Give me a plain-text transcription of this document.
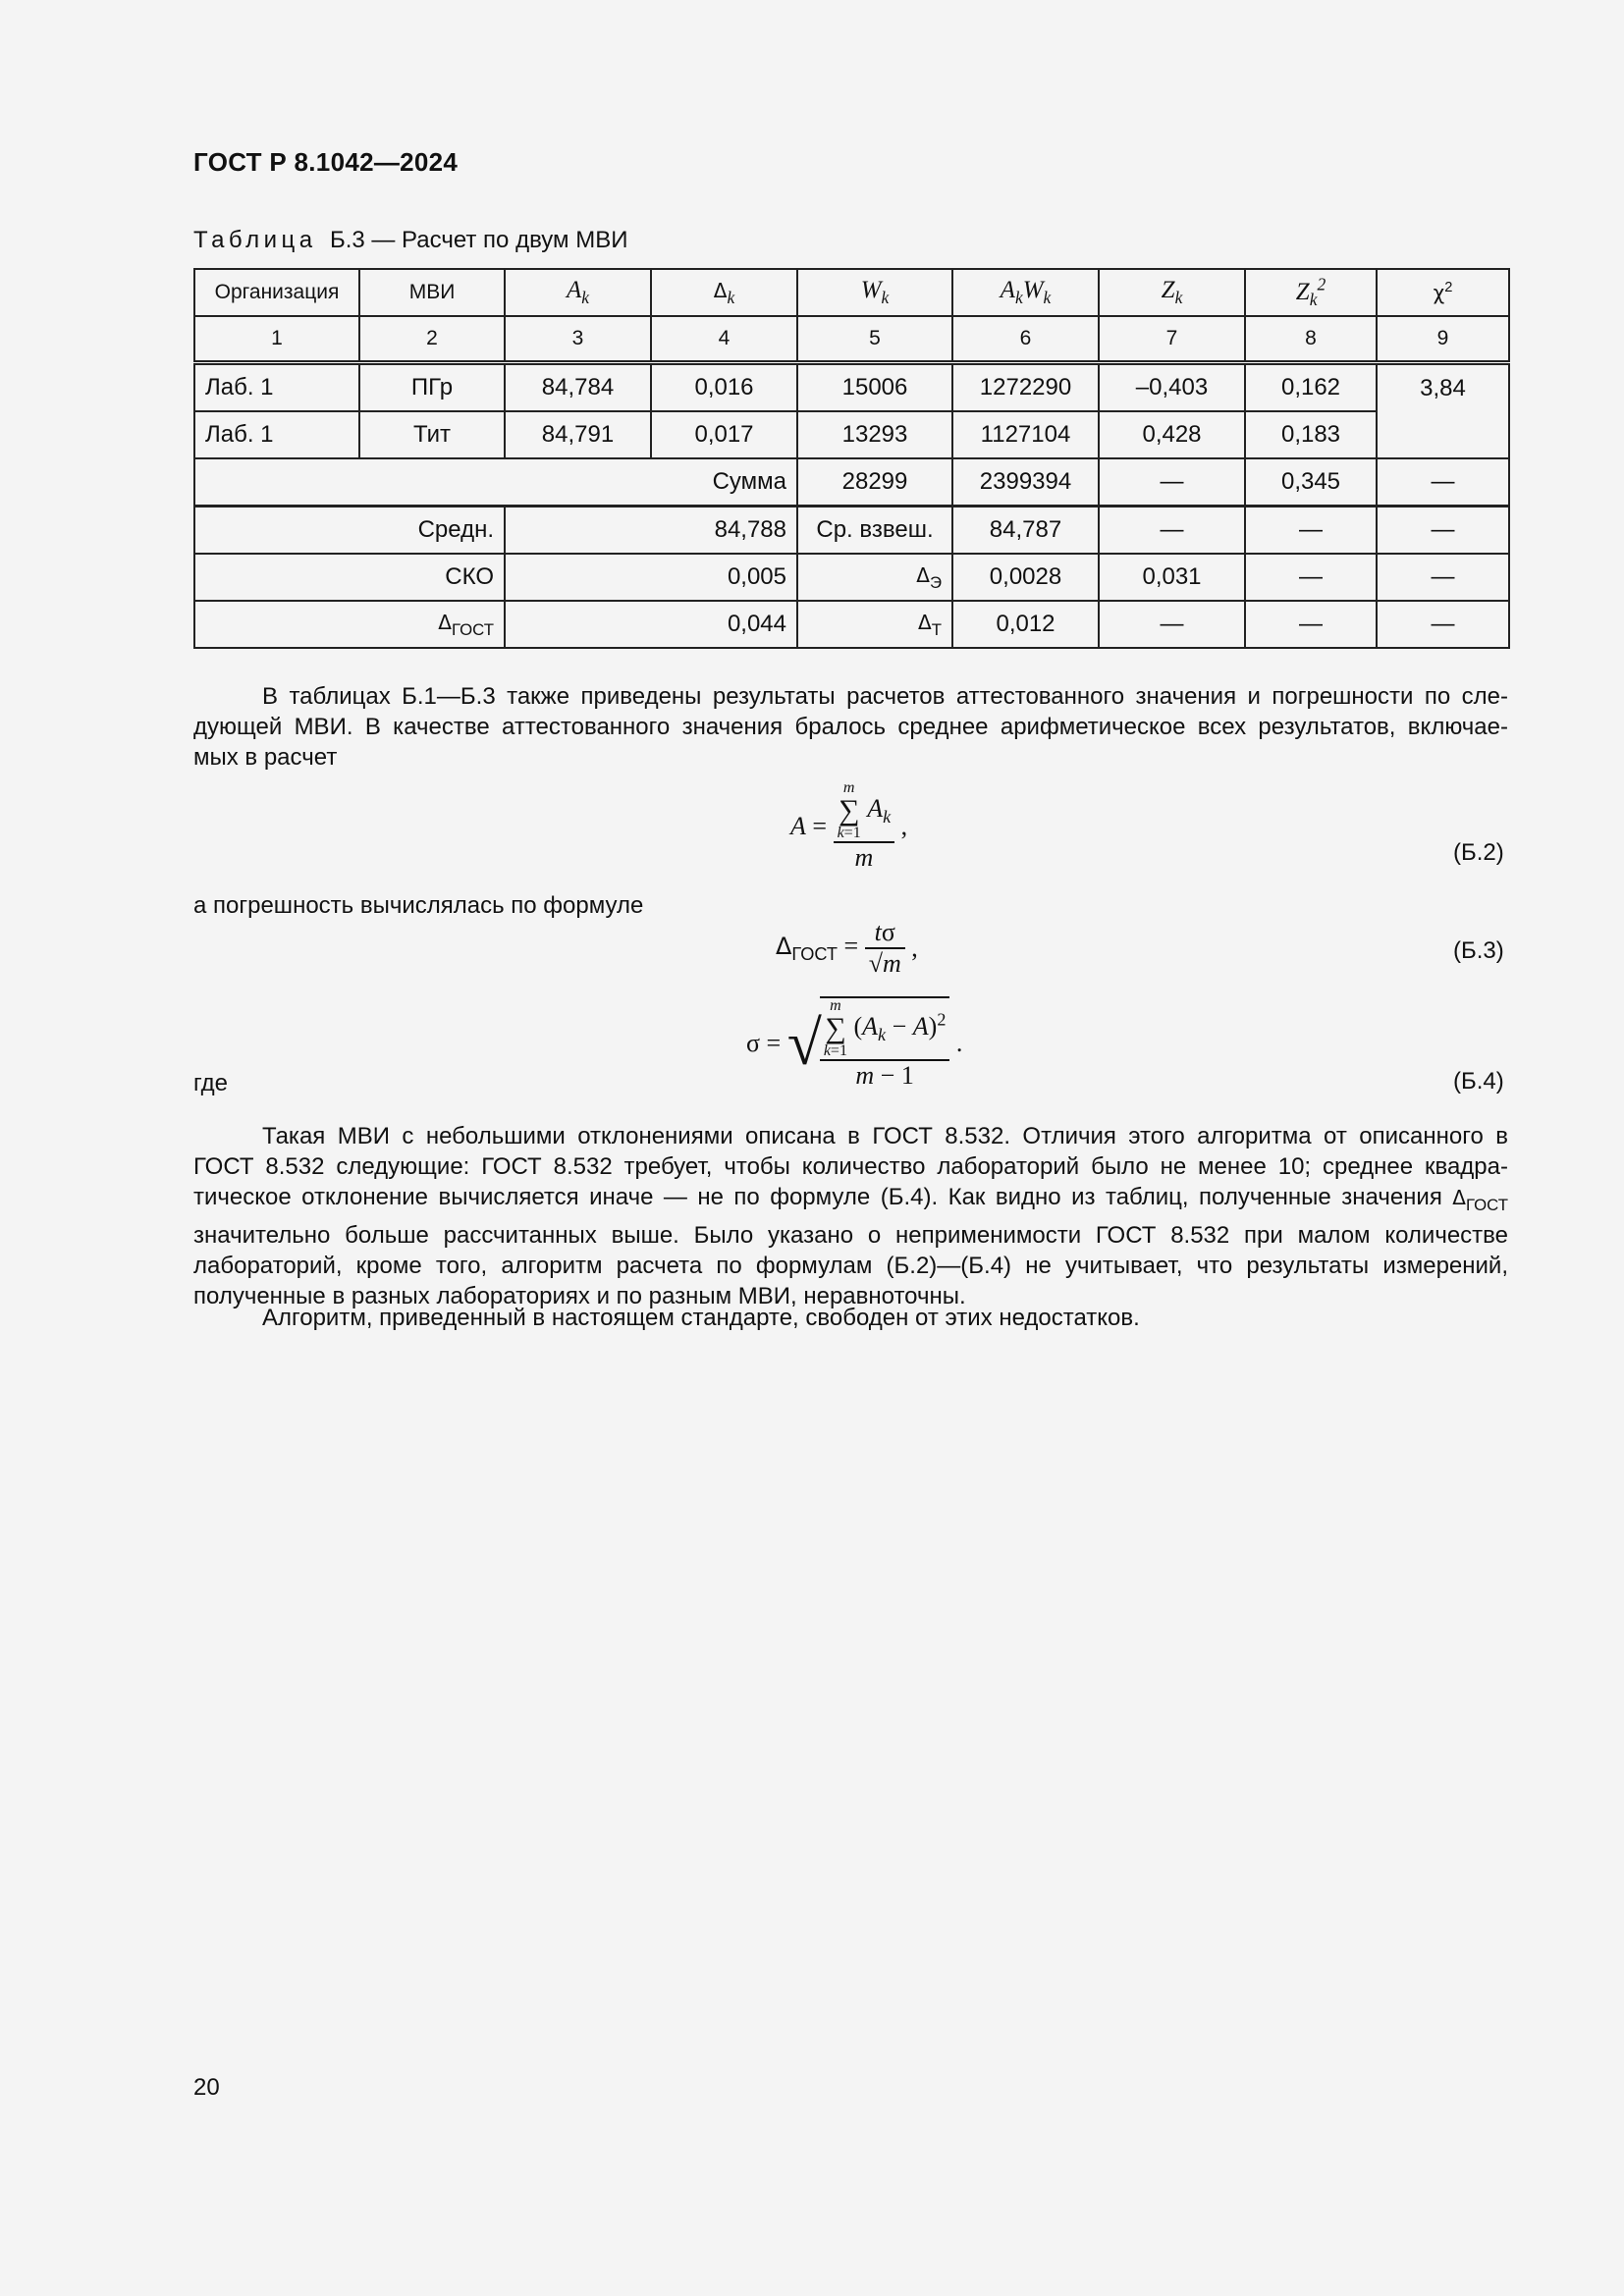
ГОСТ Р 8.1042—2024
Таблица Б.3 — Расчет по двум МВИ
Организация	МВИ	$A_k$	$\Delta_k$	$W_k$	$A_kW_k$	$Z_k$	$Z_k^2$	$\chi^2$
1	2	3	4	5	6	7	8	9
Лаб. 1	ПГр	84,784	0,016	15006	1272290	–0,403	0,162	3,84
Лаб. 1	Тит	84,791	0,017	13293	1127104	0,428	0,183	
Сумма				28299	2399394	—	0,345	—
Средн.		84,788		Ср. взвеш.	84,787	—	—	—
СКО		0,005		$\Delta_Э$	0,0028	0,031	—	—
$\Delta_{ГОСТ}$		0,044		$\Delta_Т$	0,012	—	—	—
В таблицах Б.1—Б.3 также приведены результаты расчетов аттестованного значения и погрешности по сле-
дующей МВИ. В качестве аттестованного значения бралось среднее арифметическое всех результатов, включае-
мых в расчет
A = m
∑
k=1
$A_k$
m ,
(Б.2)
а погрешность вычислялась по формуле
$\Delta_{ГОСТ} = \frac{t\sigma}{√m}$ ,	(Б.3)
где
σ = √
m
∑
k=1
$(A_k - A)^2$
m − 1 .
(Б.4)
Такая МВИ с небольшими отклонениями описана в ГОСТ 8.532. Отличия этого алгоритма от описанного в
ГОСТ 8.532 следующие: ГОСТ 8.532 требует, чтобы количество лабораторий было не менее 10; среднее квадра-
тическое отклонение вычисляется иначе — не по формуле (Б.4). Как видно из таблиц, полученные значения $\Delta_{ГОСТ}$
значительно больше рассчитанных выше. Было указано о неприменимости ГОСТ 8.532 при малом количестве
лабораторий, кроме того, алгоритм расчета по формулам (Б.2)—(Б.4) не учитывает, что результаты измерений,
полученные в разных лабораториях и по разным МВИ, неравноточны.
Алгоритм, приведенный в настоящем стандарте, свободен от этих недостатков.
20
